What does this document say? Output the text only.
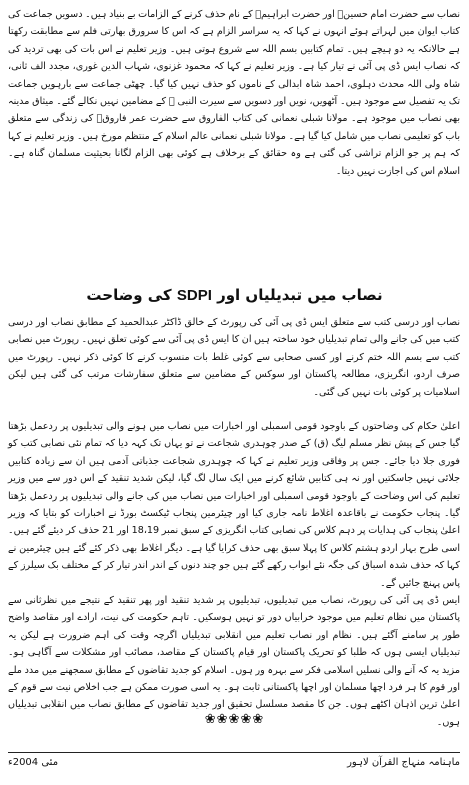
نصاب سے حضرت امام حسینؓ اور حضرت ابراہیمؑ کے نام حذف کرنے کے الزامات بے بنیاد ہیں۔ دسویں جماعت کی کتاب ایوان میں لہراتے ہوئے انہوں نے کہا کہ یہ سراسر الزام ہے کہ اس کا سرورق بھارتی فلم سے مطابقت رکھتا ہے حالانکہ یہ دو ہیچے ہیں۔ تمام کتابیں بسم اللہ سے شروع ہوتی ہیں۔ وزیر تعلیم نے اس بات کی بھی تردید کی کہ نصاب ایس ڈی پی آئی نے تیار کیا ہے۔ وزیر تعلیم نے کہا کہ محمود غزنوی، شہاب الدین غوری، مجدد الف ثانی، شاہ ولی اللہ محدث دہلوی، احمد شاہ ابدالی کے ناموں کو حذف نہیں کیا گیا۔ چھٹی جماعت سے بارہویں جماعت تک یہ تفصیل سے موجود ہیں۔ آٹھویں، نویں اور دسویں سے سیرت النبی ﷺ کے مضامین نہیں نکالے گئے۔ میثاق مدینہ بھی نصاب میں موجود ہے۔ مولانا شبلی نعمانی کی کتاب الفاروق سے حضرت عمر فاروقؓ کی زندگی سے متعلق باب کو تعلیمی نصاب میں شامل کیا گیا ہے۔ مولانا شبلی نعمانی عالم اسلام کے منتظم مورخ ہیں۔ وزیر تعلیم نے کہا کہ ہم پر جو الزام تراشی کی گئی ہے وہ حقائق کے برخلاف ہے کوئی بھی الزام لگانا بحیثیت مسلمان گناہ ہے۔ اسلام اس کی اجازت نہیں دیتا۔

نصاب میں تبدیلیاں اور SDPI کی وضاحت

نصاب اور درسی کتب سے متعلق ایس ڈی پی آئی کی رپورٹ کے خالق ڈاکٹر عبدالحمید کے مطابق نصاب اور درسی کتب میں کی جانے والی تمام تبدیلیاں خود ساختہ ہیں ان کا ایس ڈی پی آئی سے کوئی تعلق نہیں۔ رپورٹ میں نصابی کتب سے بسم اللہ ختم کرنے اور کسی صحابی سے کوئی غلط بات منسوب کرنے کا کوئی ذکر نہیں۔ رپورٹ میں صرف اردو، انگریزی، مطالعہ پاکستان اور سوکس کے مضامین سے متعلق سفارشات مرتب کی گئی ہیں لیکن اسلامیات پر کوئی بات نہیں کی گئی۔

اعلیٰ حکام کی وضاحتوں کے باوجود قومی اسمبلی اور اخبارات میں نصاب میں ہونے والی تبدیلیوں پر ردعمل بڑھتا گیا جس کے پیش نظر مسلم لیگ (ق) کے صدر چوہدری شجاعت نے تو یہاں تک کہہ دیا کہ تمام نئی نصابی کتب کو فوری جلا دیا جائے۔ جس پر وفاقی وزیر تعلیم نے کہا کہ چوہدری شجاعت جذباتی آدمی ہیں ان سے زیادہ کتابیں جلائی نہیں جاسکتیں اور نہ ہی کتابیں شائع کرنے میں ایک سال لگ گیا، لیکن شدید تنقید کے اس دور سے میں وزیر تعلیم کی اس وضاحت کے باوجود قومی اسمبلی اور اخبارات میں نصاب میں کی جانے والی تبدیلیوں پر ردعمل بڑھتا گیا۔ پنجاب حکومت نے باقاعدہ اغلاط نامہ جاری کیا اور چیئرمین پنجاب ٹیکسٹ بورڈ نے اخبارات کو بتایا کہ وزیر اعلیٰ پنجاب کی ہدایات پر دہم کلاس کی نصابی کتاب انگریزی کے سبق نمبر 18،19 اور 21 حذف کر دیئے گئے ہیں۔ اسی طرح بہار اردو ہشتم کلاس کا پہلا سبق بھی حذف کرایا گیا ہے۔ دیگر اغلاط بھی ذکر کئے گئے ہیں چیئرمین نے کہا کہ حذف شدہ اسباق کی جگہ نئے ابواب رکھے گئے ہیں جو چند دنوں کے اندر اندر تیار کر کے مختلف بک سیلرز کے پاس پہنچ جائیں گے۔

ایس ڈی پی آئی کی رپورٹ، نصاب میں تبدیلیوں، تبدیلیوں پر شدید تنقید اور پھر تنقید کے نتیجے میں نظرثانی سے پاکستان میں نظام تعلیم میں موجود خرابیاں دور تو نہیں ہوسکیں۔ تاہم حکومت کی نیت، ارادے اور مقاصد واضح طور پر سامنے آگئے ہیں۔ نظام اور نصاب تعلیم میں انقلابی تبدیلیاں اگرچہ وقت کی اہم ضرورت ہے لیکن یہ تبدیلیاں ایسی ہوں کہ طلبا کو تحریک پاکستان اور قیام پاکستان کے مقاصد، مصائب اور مشکلات سے آگاہی ہو۔ مزید یہ کہ آنے والی نسلیں اسلامی فکر سے بہرہ ور ہوں۔ اسلام کو جدید تقاضوں کے مطابق سمجھنے میں مدد ملے اور قوم کا ہر فرد اچھا مسلمان اور اچھا پاکستانی ثابت ہو۔ یہ اسی صورت ممکن ہے جب اخلاص نیت سے قوم کے اعلیٰ ترین اذہان اکٹھے ہوں۔ جن کا مقصد مسلسل تحقیق اور جدید تقاضوں کے مطابق نصاب میں انقلابی تبدیلیاں ہوں۔

❀❀❀❀❀
ماہنامہ منہاج القرآن لاہور
مئی 2004ء
